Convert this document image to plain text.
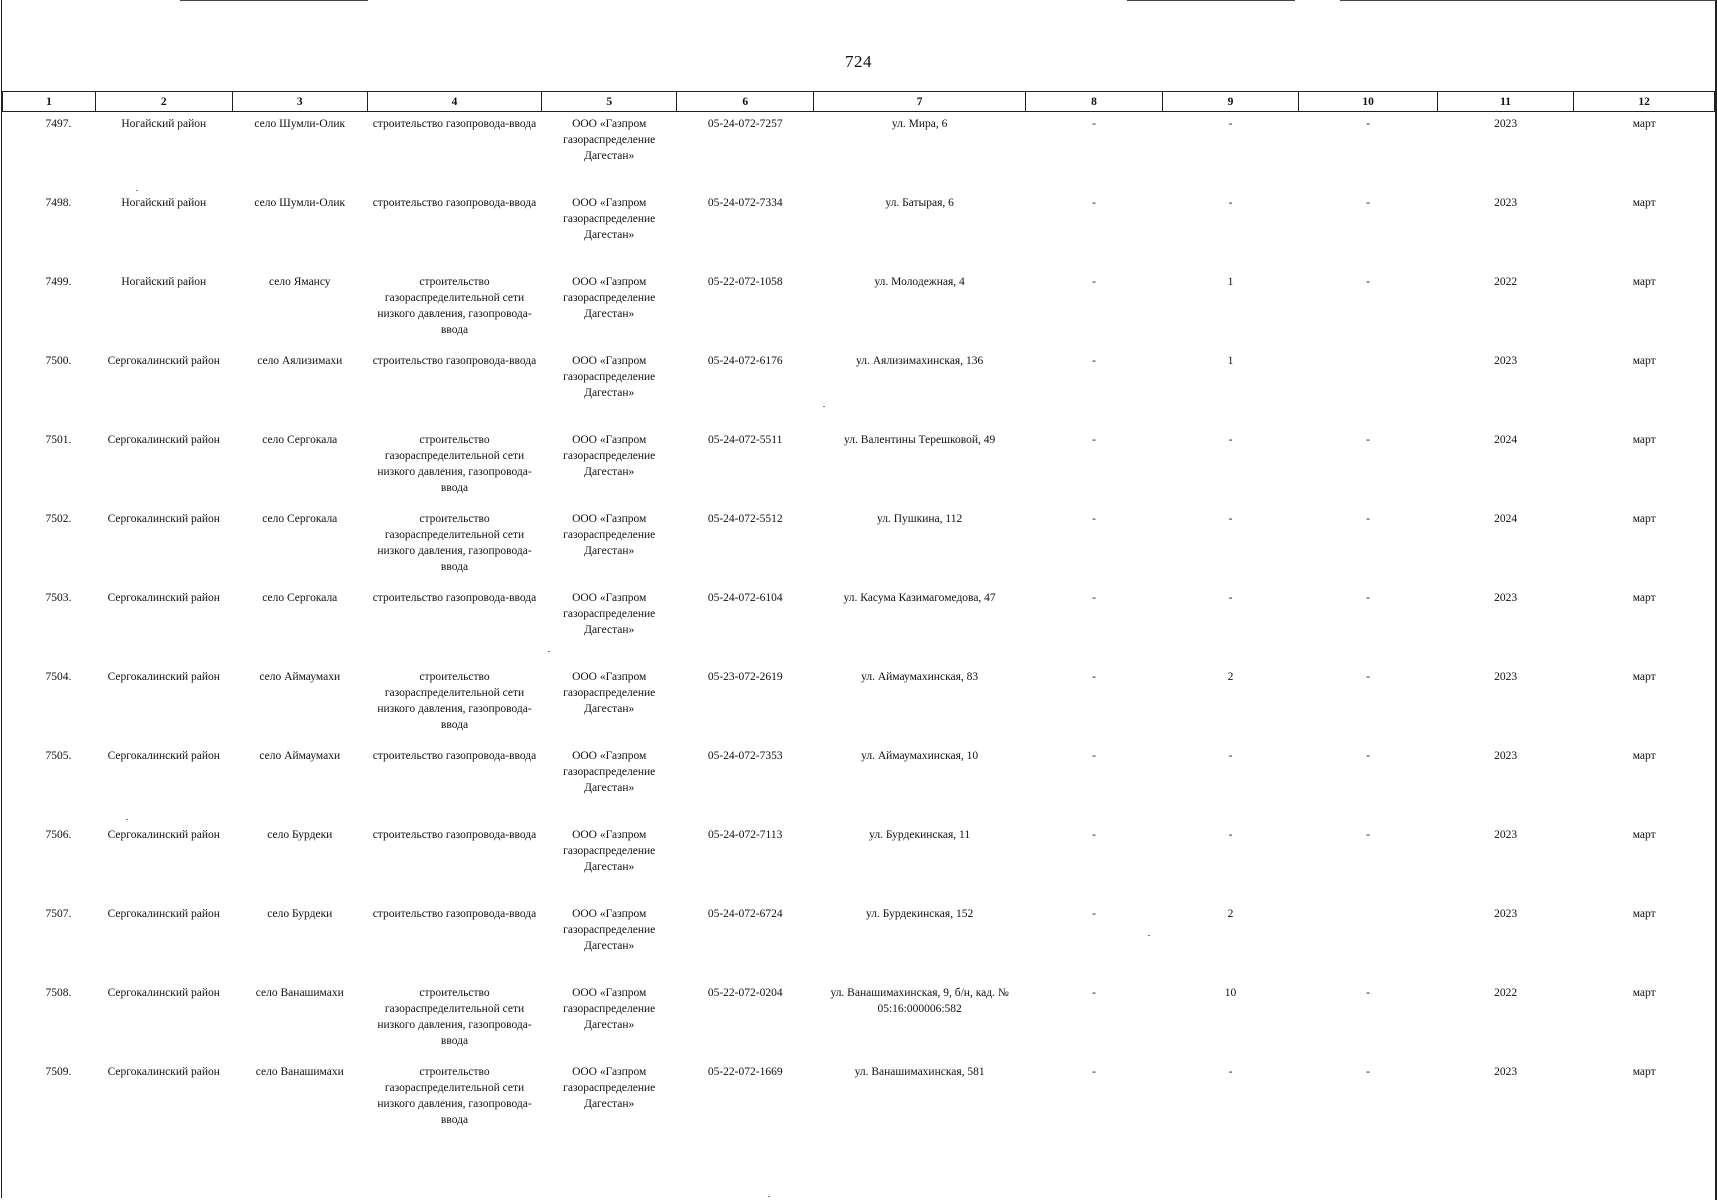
724
1	2	3	4	5	6	7	8	9	10	11	12
7497.	Ногайский район	село Шумли-Олик	строительство газопровода-ввода	ООО «Газпром газораспределение Дагестан»	05-24-072-7257	ул. Мира, 6	-	-	-	2023	март
7498.	Ногайский район	село Шумли-Олик	строительство газопровода-ввода	ООО «Газпром газораспределение Дагестан»	05-24-072-7334	ул. Батырая, 6	-	-	-	2023	март
7499.	Ногайский район	село Ямансу	строительство газораспределительной сети низкого давления, газопровода-ввода	ООО «Газпром газораспределение Дагестан»	05-22-072-1058	ул. Молодежная, 4	-	1	-	2022	март
7500.	Сергокалинский район	село Аялизимахи	строительство газопровода-ввода	ООО «Газпром газораспределение Дагестан»	05-24-072-6176	ул. Аялизимахинская, 136	-	1		2023	март
7501.	Сергокалинский район	село Сергокала	строительство газораспределительной сети низкого давления, газопровода-ввода	ООО «Газпром газораспределение Дагестан»	05-24-072-5511	ул. Валентины Терешковой, 49	-	-	-	2024	март
7502.	Сергокалинский район	село Сергокала	строительство газораспределительной сети низкого давления, газопровода-ввода	ООО «Газпром газораспределение Дагестан»	05-24-072-5512	ул. Пушкина, 112	-	-	-	2024	март
7503.	Сергокалинский район	село Сергокала	строительство газопровода-ввода	ООО «Газпром газораспределение Дагестан»	05-24-072-6104	ул. Касума Казимагомедова, 47	-	-	-	2023	март
7504.	Сергокалинский район	село Аймаумахи	строительство газораспределительной сети низкого давления, газопровода-ввода	ООО «Газпром газораспределение Дагестан»	05-23-072-2619	ул. Аймаумахинская, 83	-	2	-	2023	март
7505.	Сергокалинский район	село Аймаумахи	строительство газопровода-ввода	ООО «Газпром газораспределение Дагестан»	05-24-072-7353	ул. Аймаумахинская, 10	-	-	-	2023	март
7506.	Сергокалинский район	село Бурдеки	строительство газопровода-ввода	ООО «Газпром газораспределение Дагестан»	05-24-072-7113	ул. Бурдекинская, 11	-	-	-	2023	март
7507.	Сергокалинский район	село Бурдеки	строительство газопровода-ввода	ООО «Газпром газораспределение Дагестан»	05-24-072-6724	ул. Бурдекинская, 152	-	2		2023	март
7508.	Сергокалинский район	село Ванашимахи	строительство газораспределительной сети низкого давления, газопровода-ввода	ООО «Газпром газораспределение Дагестан»	05-22-072-0204	ул. Ванашимахинская, 9, б/н, кад. № 05:16:000006:582	-	10	-	2022	март
7509.	Сергокалинский район	село Ванашимахи	строительство газораспределительной сети низкого давления, газопровода-ввода	ООО «Газпром газораспределение Дагестан»	05-22-072-1669	ул. Ванашимахинская, 581	-	-	-	2023	март
